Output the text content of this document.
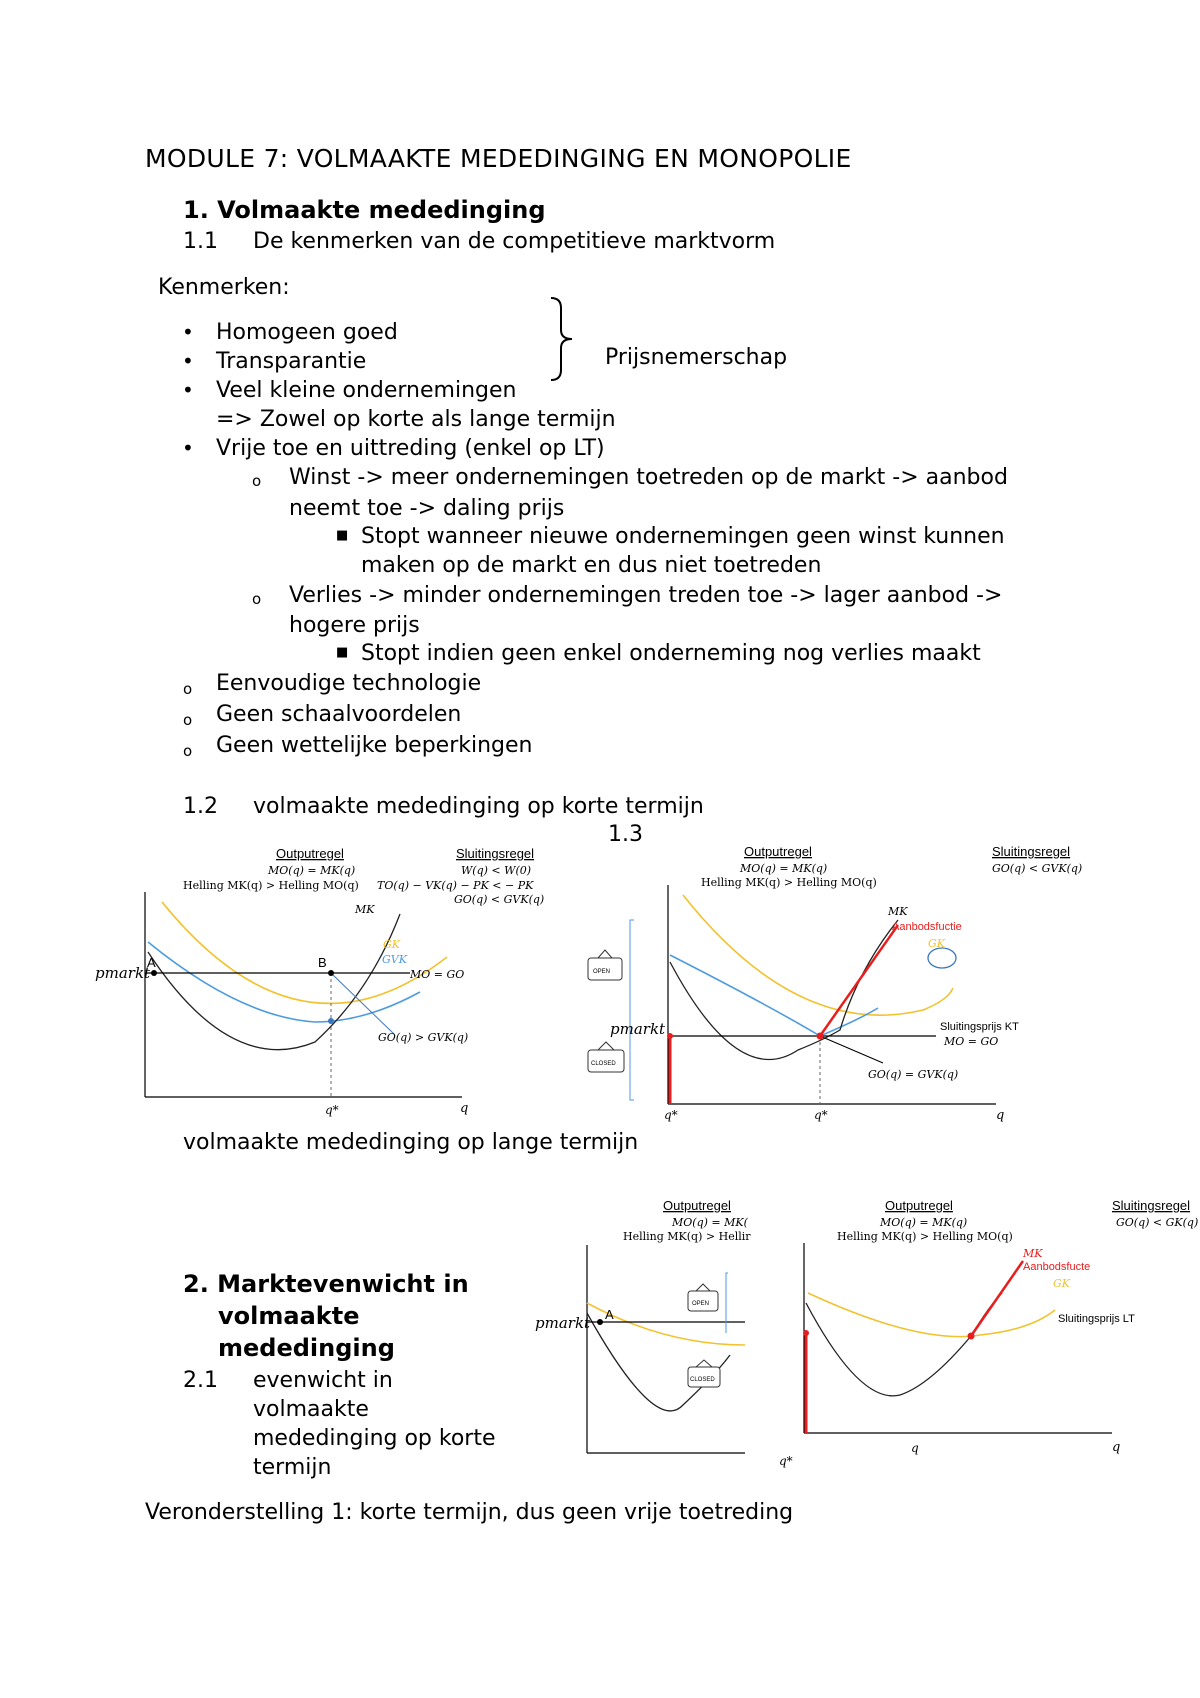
MODULE 7: VOLMAAKTE MEDEDINGING EN MONOPOLIE
1. Volmaakte mededinging
1.1 De kenmerken van de competitieve marktvorm
Kenmerken:
• Homogeen goed
• Transparantie
• Veel kleine ondernemingen
=> Zowel op korte als lange termijn
• Vrije toe en uittreding (enkel op LT)
Prijsnemerschap
o Winst -> meer ondernemingen toetreden op de markt -> aanbod
neemt toe -> daling prijs
■ Stopt wanneer nieuwe ondernemingen geen winst kunnen
maken op de markt en dus niet toetreden
o Verlies -> minder ondernemingen treden toe -> lager aanbod ->
hogere prijs
■ Stopt indien geen enkel onderneming nog verlies maakt
o Eenvoudige technologie
o Geen schaalvoordelen
o Geen wettelijke beperkingen
1.2 volmaakte mededinging op korte termijn
1.3
Outputregel
MO(q) = MK(q)
Helling MK(q) > Helling MO(q)
Sluitingsregel
W(q) < W(0)
TO(q) − VK(q) − PK < − PK
GO(q) < GVK(q)
MK
GK
GVK
MO = GO
pmarkt
A	B
GO(q) > GVK(q)
q*	q
Outputregel
MO(q) = MK(q)
Helling MK(q) > Helling MO(q)
Sluitingsregel
GO(q) < GVK(q)
OPEN
CLOSED
MK
Aanbodsfuctie
GK
Sluitingsprijs KT
MO = GO
pmarkt
GO(q) = GVK(q)
q*	q*	q
volmaakte mededinging op lange termijn
2. Marktevenwicht in
volmaakte
mededinging
2.1 evenwicht in
volmaakte
mededinging op korte
termijn
Outputregel
MO(q) = MK(
Helling MK(q) > Hellir
pmarkt A
Outputregel
MO(q) = MK(q)
Helling MK(q) > Helling MO(q)
Sluitingsregel
GO(q) < GK(q)
OPEN
CLOSED
MK
Aanbodsfucte
GK
Sluitingsprijs LT
q	q
q*
Veronderstelling 1: korte termijn, dus geen vrije toetreding
